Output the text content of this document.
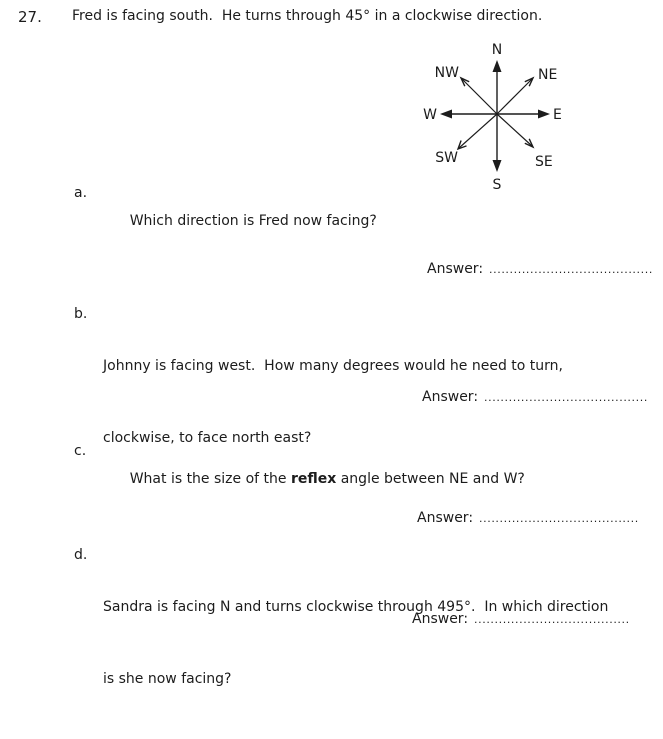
27. Fred is facing south.  He turns through 45° in a clockwise direction.
N
NE
E
SE
S
SW
W
NW
a.

Which direction is Fred now facing?

Answer: ........................................
b.

Johnny is facing west.  How many degrees would he need to turn,

clockwise, to face north east?

Answer: ........................................
c.

What is the size of the reflex angle between NE and W?

Answer: .......................................
d.

Sandra is facing N and turns clockwise through 495°.  In which direction

is she now facing?

Answer: ......................................
